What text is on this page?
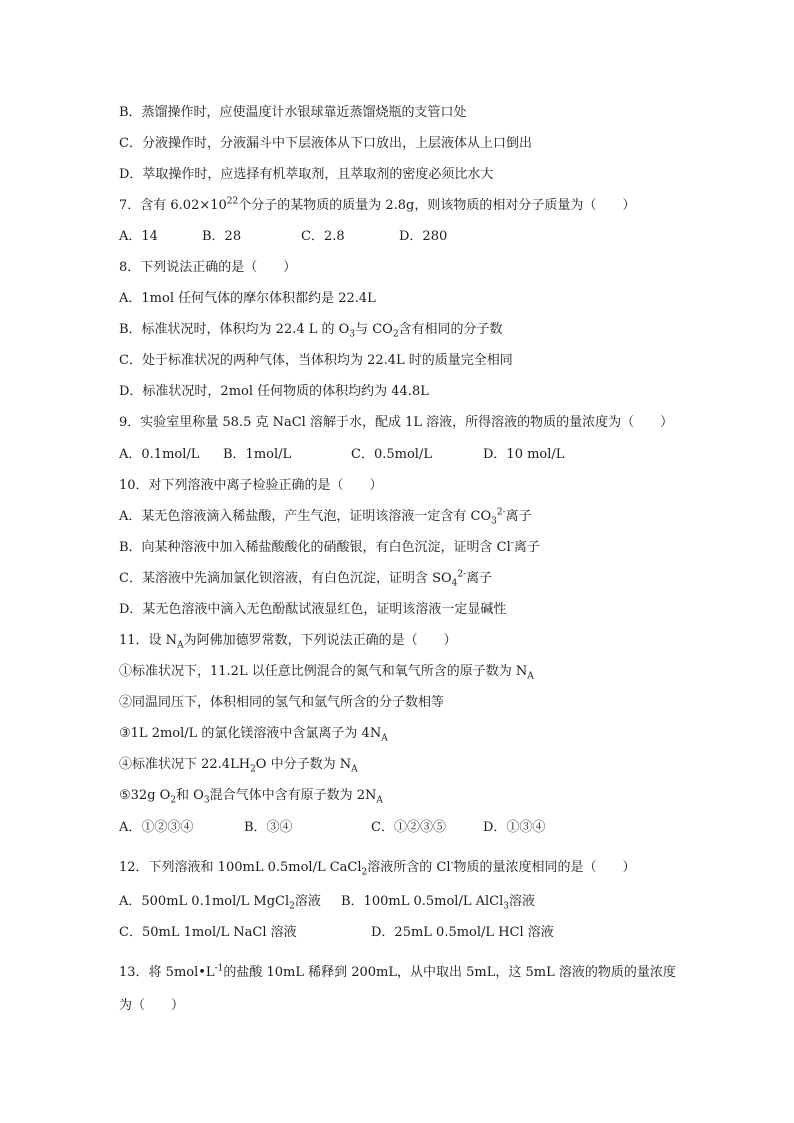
B．蒸馏操作时，应使温度计水银球靠近蒸馏烧瓶的支管口处
C．分液操作时，分液漏斗中下层液体从下口放出，上层液体从上口倒出
D．萃取操作时，应选择有机萃取剂，且萃取剂的密度必须比水大
7．含有 $6.02\times 10^{22}$个分子的某物质的质量为 2.8g，则该物质的相对分子质量为（　　）
A．14	B．28	C．2.8	D．280
8．下列说法正确的是（　　）
A．1mol 任何气体的摩尔体积都约是 22.4L
B．标准状况时，体积均为 22.4 L 的 $O_3$与 $CO_2$含有相同的分子数
C．处于标准状况的两种气体，当体积均为 22.4L 时的质量完全相同
D．标准状况时，2mol 任何物质的体积均约为 44.8L
9．实验室里称量 58.5 克 NaCl 溶解于水，配成 1L 溶液，所得溶液的物质的量浓度为（　　）
A．0.1mol/L B．1mol/L	C．0.5mol/L	D．10 mol/L
10．对下列溶液中离子检验正确的是（　　）
A．某无色溶液滴入稀盐酸，产生气泡，证明该溶液一定含有 $CO_3^{2-}$离子
B．向某种溶液中加入稀盐酸酸化的硝酸银，有白色沉淀，证明含 Cl-离子
C．某溶液中先滴加氯化钡溶液，有白色沉淀，证明含 $SO_4^{2-}$离子
D．某无色溶液中滴入无色酚酞试液显红色，证明该溶液一定显碱性
11．设 $N_A$为阿佛加德罗常数，下列说法正确的是（　　）
①标准状况下，11.2L 以任意比例混合的氮气和氧气所含的原子数为 $N_A$
②同温同压下，体积相同的氢气和氩气所含的分子数相等
③1L 2mol/L 的氯化镁溶液中含氯离子为 $4N_A$
④标准状况下 $22.4LH_2O$ 中分子数为 $N_A$
⑤32g $O_2$和 $O_3$混合气体中含有原子数为 $2N_A$
A．①②③④	B．③④	C．①②③⑤	D．①③④
12．下列溶液和 100mL 0.5mol/L CaCl$_2$溶液所含的 Cl-物质的量浓度相同的是（　　）
A．500mL 0.1mol/L MgCl$_2$溶液 B．100mL 0.5mol/L AlCl$_3$溶液
C．50mL 1mol/L NaCl 溶液	D．25mL 0.5mol/L HCl 溶液
13．将 $5mol•L^{-1}$的盐酸 10mL 稀释到 200mL，从中取出 5mL，这 5mL 溶液的物质的量浓度
为（　　）
